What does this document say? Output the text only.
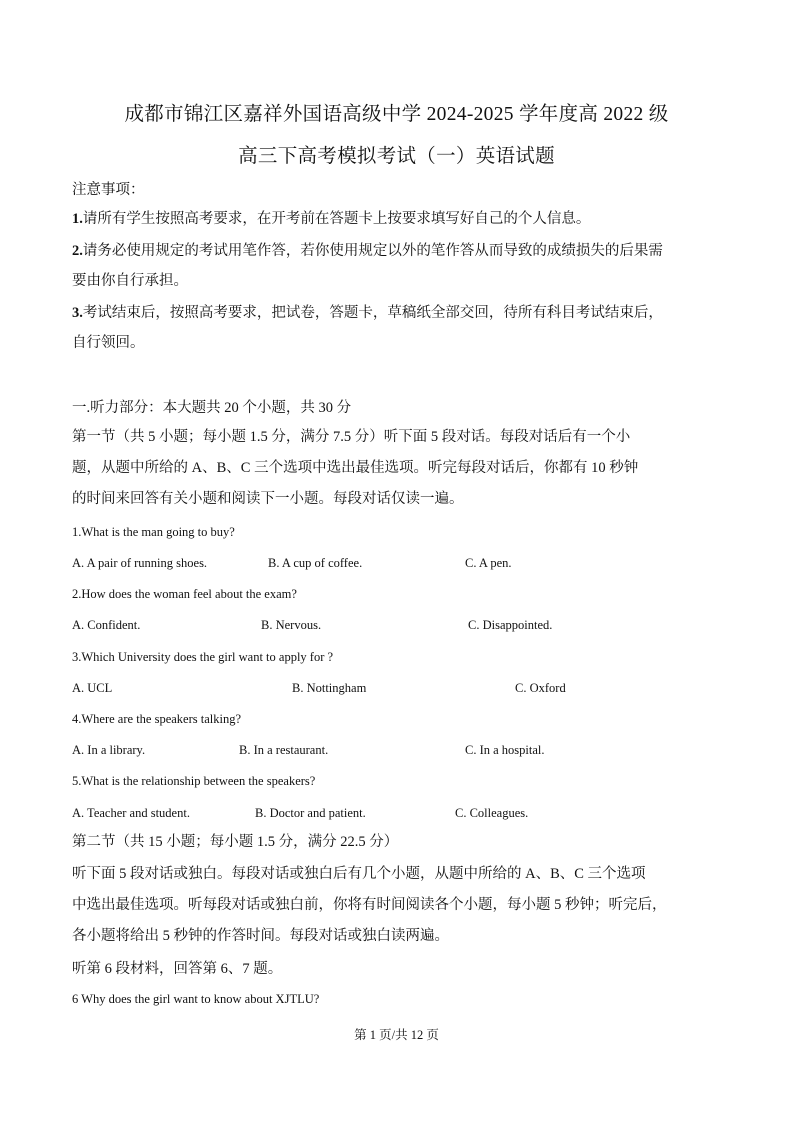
成都市锦江区嘉祥外国语高级中学 2024-2025 学年度高 2022 级
高三下高考模拟考试（一）英语试题
注意事项：
1.请所有学生按照高考要求，在开考前在答题卡上按要求填写好自己的个人信息。
2.请务必使用规定的考试用笔作答，若你使用规定以外的笔作答从而导致的成绩损失的后果需
要由你自行承担。
3.考试结束后，按照高考要求，把试卷，答题卡，草稿纸全部交回，待所有科目考试结束后，
自行领回。
一.听力部分：本大题共 20 个小题，共 30 分
第一节（共 5 小题；每小题 1.5 分，满分 7.5 分）听下面 5 段对话。每段对话后有一个小
题，从题中所给的 A、B、C 三个选项中选出最佳选项。听完每段对话后，你都有 10 秒钟
的时间来回答有关小题和阅读下一小题。每段对话仅读一遍。
1.What is the man going to buy?
A. A pair of running shoes.	B. A cup of coffee.	C. A pen.
2.How does the woman feel about the exam?
A. Confident.	B. Nervous.	C. Disappointed.
3.Which University does the girl want to apply for ?
A. UCL	B. Nottingham	C. Oxford
4.Where are the speakers talking?
A. In a library.	B. In a restaurant.	C. In a hospital.
5.What is the relationship between the speakers?
A. Teacher and student.	B. Doctor and patient.	C. Colleagues.
第二节（共 15 小题；每小题 1.5 分，满分 22.5 分）
听下面 5 段对话或独白。每段对话或独白后有几个小题，从题中所给的 A、B、C 三个选项
中选出最佳选项。听每段对话或独白前，你将有时间阅读各个小题，每小题 5 秒钟；听完后，
各小题将给出 5 秒钟的作答时间。每段对话或独白读两遍。
听第 6 段材料，回答第 6、7 题。
6 Why does the girl want to know about XJTLU?
第 1 页/共 12 页
